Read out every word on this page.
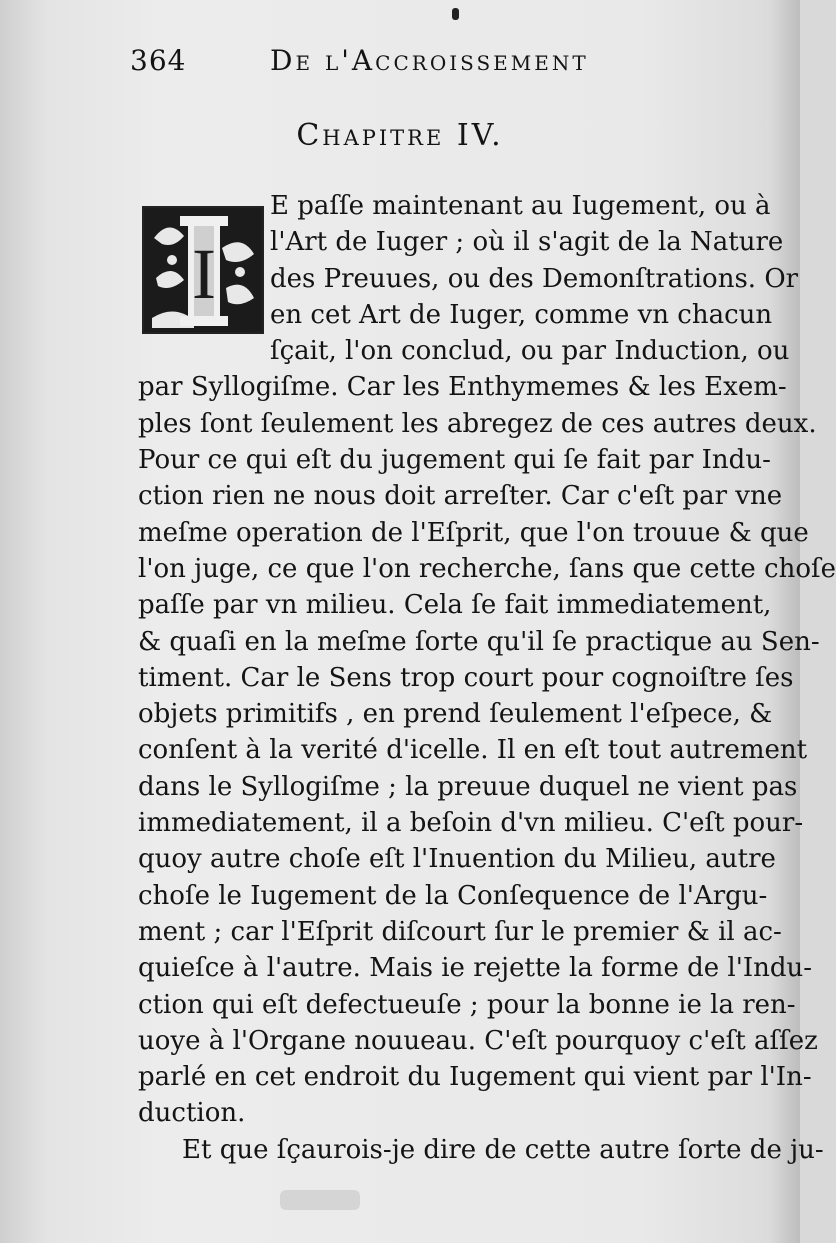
364	De l'Accroissement
Chapitre IV.
I
E paſſe maintenant au Iugement, ou à
l'Art de Iuger ; où il s'agit de la Nature
des Preuues, ou des Demonſtrations. Or
en cet Art de Iuger, comme vn chacun
ſçait, l'on conclud, ou par Induction, ou
par Syllogiſme. Car les Enthymemes & les Exem-
ples ſont ſeulement les abregez de ces autres deux.
Pour ce qui eſt du jugement qui ſe fait par Indu-
ction rien ne nous doit arreſter. Car c'eſt par vne
meſme operation de l'Eſprit, que l'on trouue & que
l'on juge, ce que l'on recherche, ſans que cette choſe
paſſe par vn milieu. Cela ſe fait immediatement,
& quaſi en la meſme ſorte qu'il ſe practique au Sen-
timent. Car le Sens trop court pour cognoiſtre ſes
objets primitifs , en prend ſeulement l'eſpece, &
conſent à la verité d'icelle. Il en eſt tout autrement
dans le Syllogiſme ; la preuue duquel ne vient pas
immediatement, il a beſoin d'vn milieu. C'eſt pour-
quoy autre choſe eſt l'Inuention du Milieu, autre
choſe le Iugement de la Conſequence de l'Argu-
ment ; car l'Eſprit diſcourt ſur le premier & il ac-
quieſce à l'autre. Mais ie rejette la forme de l'Indu-
ction qui eſt defectueuſe ; pour la bonne ie la ren-
uoye à l'Organe nouueau. C'eſt pourquoy c'eſt aſſez
parlé en cet endroit du Iugement qui vient par l'In-
duction.
Et que ſçaurois-je dire de cette autre ſorte de ju-
